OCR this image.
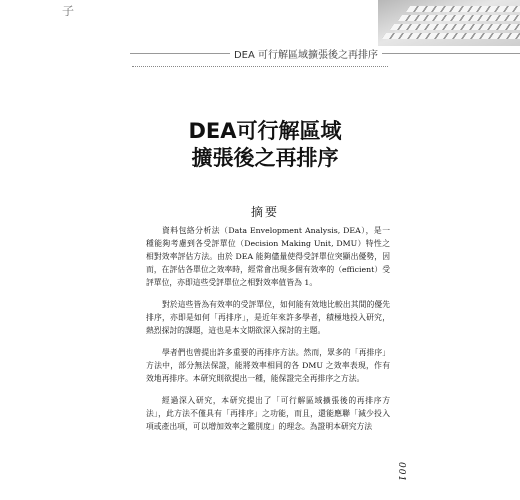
子
DEA 可行解區域擴張後之再排序
DEA可行解區域
擴張後之再排序
摘要

資料包絡分析法（Data Envelopment Analysis, DEA），是一種能夠考慮到各受評單位（Decision Making Unit, DMU）特性之相對效率評估方法。由於 DEA 能夠儘量使得受評單位突顯出優勢，因而，在評估各單位之效率時，經常會出現多個有效率的（efficient）受評單位，亦即這些受評單位之相對效率值皆為 1。

對於這些皆為有效率的受評單位，如何能有效地比較出其間的優先排序，亦即是如何「再排序」，是近年來許多學者，積極地投入研究，熱烈探討的課題，這也是本文期欲深入探討的主題。

學者們也曾提出許多重要的再排序方法。然而，眾多的「再排序」方法中，部分無法保證，能將效率相同的各 DMU 之效率表現，作有效地再排序。本研究則欲提出一種，能保證完全再排序之方法。

經過深入研究，本研究提出了「可行解區域擴張後的再排序方法」，此方法不僅具有「再排序」之功能，而且，還能應聯「減少投入項或產出項，可以增加效率之鑑別度」的理念。為證明本研究方法

001
